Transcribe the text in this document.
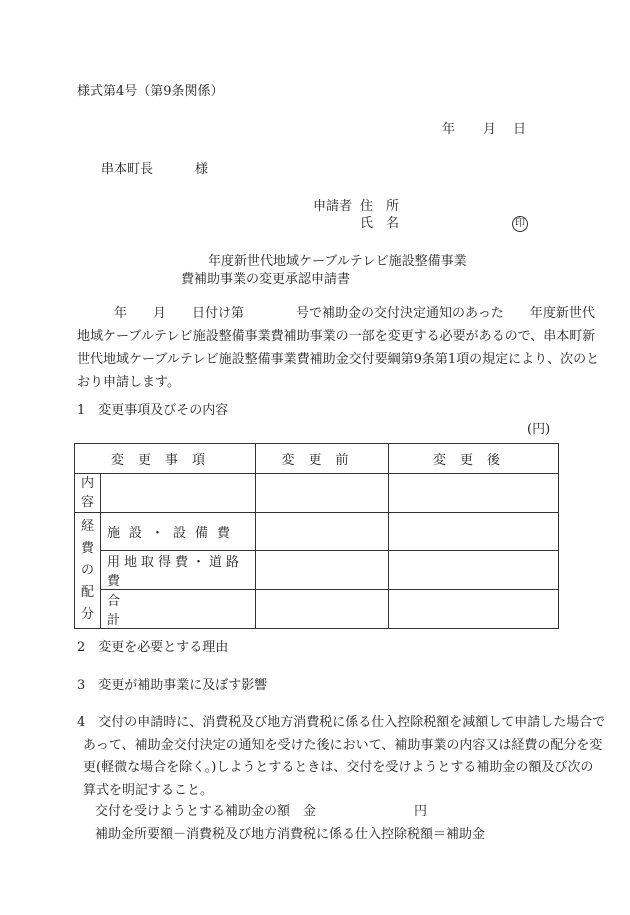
様式第4号（第9条関係）
年 月 日
串本町長	様
申請者 住　所
氏　名	印
年度新世代地域ケーブルテレビ施設整備事業
費補助事業の変更承認申請書
年　　月　　日付け第　　　　号で補助金の交付決定通知のあった　　年度新世代
地域ケーブルテレビ施設整備事業費補助事業の一部を変更する必要があるので、串本町新
世代地域ケーブルテレビ施設整備事業費補助金交付要綱第9条第1項の規定により、次のと
おり申請します。
1　変更事項及びその内容
(円)
変更事項		変更前	変更後
内容			
経費の配分	施設・設備費		
	用地取得費・道路費		
	合計		
2　変更を必要とする理由
3　変更が補助事業に及ぼす影響
4　交付の申請時に、消費税及び地方消費税に係る仕入控除税額を減額して申請した場合で
あって、補助金交付決定の通知を受けた後において、補助事業の内容又は経費の配分を変
更(軽微な場合を除く。)しようとするときは、交付を受けようとする補助金の額及び次の
算式を明記すること。
交付を受けようとする補助金の額　金	円
補助金所要額－消費税及び地方消費税に係る仕入控除税額＝補助金
